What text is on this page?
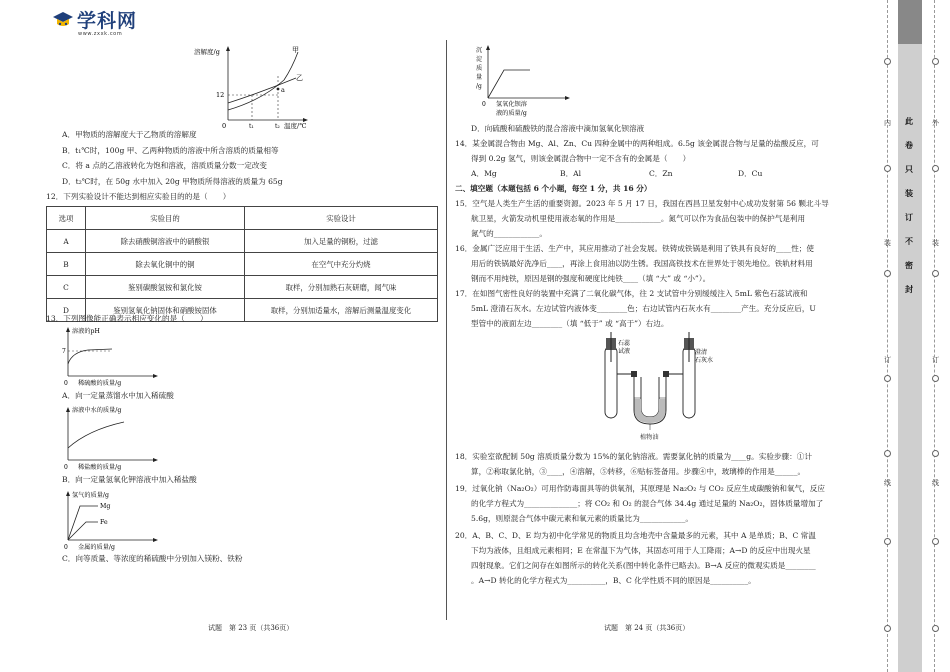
学科网
www.zxxk.com
溶解度/g
12
0	t₁	t₂ 温度/℃
甲
乙
a
A．甲物质的溶解度大于乙物质的溶解度
B．t₁℃时，100g 甲、乙两种物质的溶液中所含溶质的质量相等
C．将 a 点的乙溶液转化为饱和溶液，溶质质量分数一定改变
D．t₂℃时，在 50g 水中加入 20g 甲物质所得溶液的质量为 65g
12．下列实验设计不能达到相应实验目的的是（　　）
选项	实验目的	实验设计
A	除去硝酸铜溶液中的硝酸银	加入足量的铜粉，过滤
B	除去氧化铜中的铜	在空气中充分灼烧
C	鉴别碳酸氢铵和氯化铵	取样，分别加熟石灰研磨，闻气味
D	鉴别氢氧化钠固体和硝酸铵固体	取样，分别加适量水，溶解后测量温度变化
13．下列图像能正确表示相应变化的是（　　）
溶液的pH
7
0 稀硫酸的质量/g
A．向一定量蒸馏水中加入稀硫酸
溶液中水的质量/g
0 稀盐酸的质量/g
B．向一定量氢氧化钾溶液中加入稀盐酸
氢气的质量/g
Mg
Fe
0 金属的质量/g
C．向等质量、等浓度的稀硫酸中分别加入镁粉、铁粉
试题　第 23 页（共36页）
沉
淀
质
量
/g
0 氢氧化钡溶
液的质量/g
D．向硫酸和硫酸铁的混合溶液中滴加氢氧化钡溶液
14．某金属混合物由 Mg、Al、Zn、Cu 四种金属中的两种组成。6.5g 该金属混合物与足量的盐酸反应，可
得到 0.2g 氢气，则该金属混合物中一定不含有的金属是（　　）
A．Mg	B．Al	C．Zn	D．Cu
二、填空题（本题包括 6 个小题，每空 1 分，共 16 分）
15．空气是人类生产生活的重要资源。2023 年 5 月 17 日，我国在西昌卫星发射中心成功发射第 56 颗北斗导
航卫星，火箭发动机里使用液态氧的作用是____________。氮气可以作为食品包装中的保护气是利用
氮气的____________。
16．金属广泛应用于生活、生产中，其应用推动了社会发展。铁铸成铁锅是利用了铁具有良好的____性；使
用后的铁锅最好洗净后____，再涂上食用油以防生锈。我国高铁技术在世界处于领先地位。铁轨材料用
钢而不用纯铁，原因是钢的强度和硬度比纯铁____（填 “大” 或 “小”）。
17．在如图气密性良好的装置中充满了二氧化碳气体，往 2 支试管中分别缓缓注入 5mL 紫色石蕊试液和
5mL 澄清石灰水。左边试管内液体变________色；右边试管内石灰水有________产生。充分反应后，U
型管中的液面左边________（填 “低于” 或 “高于”）右边。
石蕊
试液	澄清
石灰水
植物油
18．实验室欲配制 50g 溶质质量分数为 15%的氯化钠溶液。需要氯化钠的质量为____g。实验步骤：①计
算，②称取氯化钠，③____，④溶解，⑤转移，⑥贴标签备用。步骤④中，玻璃棒的作用是______。
19．过氧化钠（Na₂O₂）可用作防毒面具等的供氧剂，其原理是 Na₂O₂ 与 CO₂ 反应生成碳酸钠和氧气，反应
的化学方程式为______________；将 CO₂ 和 O₂ 的混合气体 34.4g 通过足量的 Na₂O₂，固体质量增加了
5.6g，则原混合气体中碳元素和氧元素的质量比为____________。
20．A、B、C、D、E 均为初中化学常见的物质且均含地壳中含量最多的元素，其中 A 是单质；B、C 常温
下均为液体，且组成元素相同；E 在常温下为气体，其固态可用于人工降雨；A→D 的反应中出现火星
四射现象。它们之间存在如图所示的转化关系(图中转化条件已略去)。B→A 反应的微观实质是________
。A→D 转化的化学方程式为__________，B、C 化学性质不同的原因是__________。
试题　第 24 页（共36页）
内
装
订
线
外
装
订
线
此
卷
只
装
订
不
密
封
